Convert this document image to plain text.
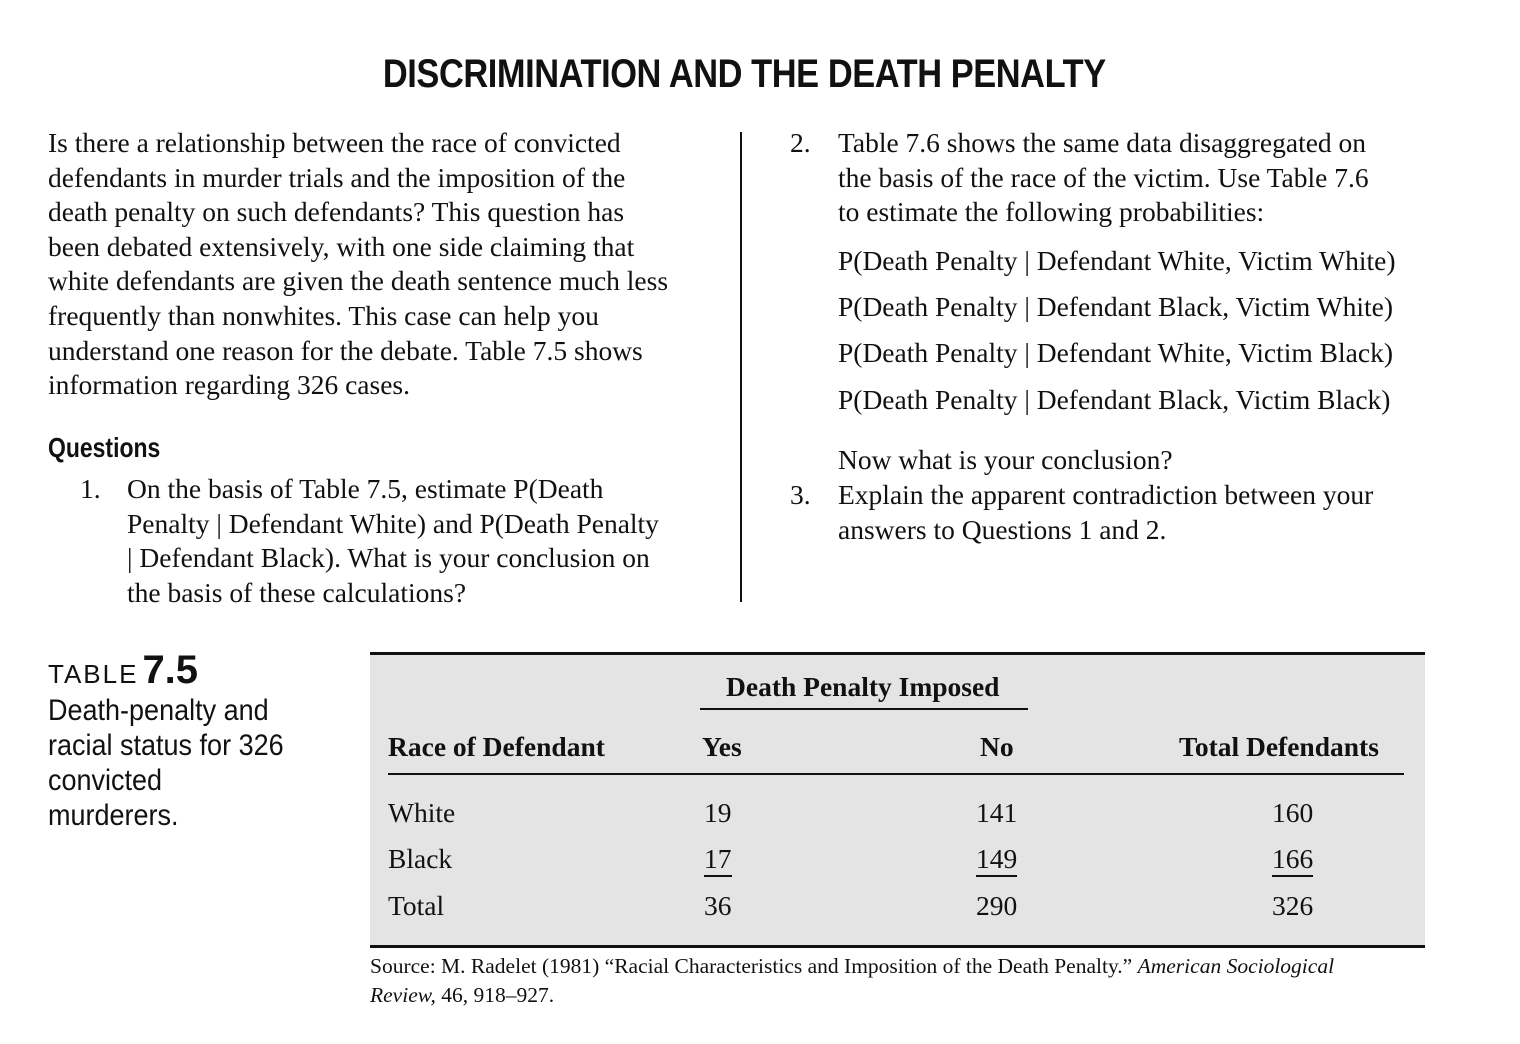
DISCRIMINATION AND THE DEATH PENALTY

Is there a relationship between the race of convicted

defendants in murder trials and the imposition of the

death penalty on such defendants? This question has

been debated extensively, with one side claiming that

white defendants are given the death sentence much less

frequently than nonwhites. This case can help you

understand one reason for the debate. Table 7.5 shows

information regarding 326 cases.

Questions
1. On the basis of Table 7.5, estimate P(Death
Penalty | Defendant White) and P(Death Penalty
| Defendant Black). What is your conclusion on
the basis of these calculations?
2. Table 7.6 shows the same data disaggregated on
the basis of the race of the victim. Use Table 7.6
to estimate the following probabilities:
P(Death Penalty | Defendant White, Victim White)
P(Death Penalty | Defendant Black, Victim White)
P(Death Penalty | Defendant White, Victim Black)
P(Death Penalty | Defendant Black, Victim Black)
Now what is your conclusion?
3. Explain the apparent contradiction between your
answers to Questions 1 and 2.
TABLE 7.5
Death-penalty and
racial status for 326
convicted
murderers.
Death Penalty Imposed
Race of Defendant	Yes	No	Total Defendants
White	19	141	160
Black	17	149	166
Total	36	290	326
Source: M. Radelet (1981) “Racial Characteristics and Imposition of the Death Penalty.” American Sociological
Review, 46, 918–927.
